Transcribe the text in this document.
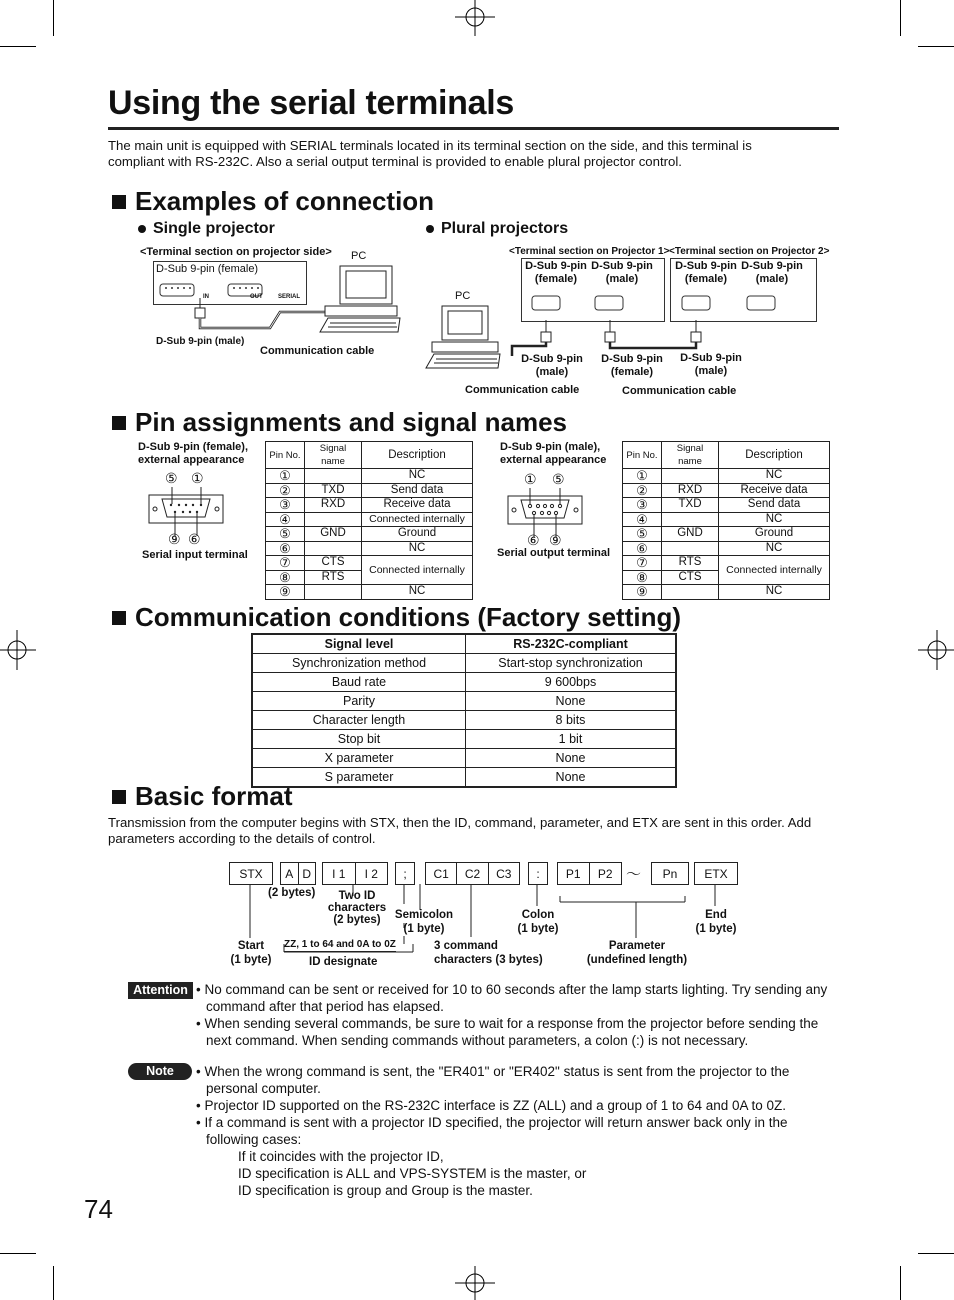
Using the serial terminals
The main unit is equipped with SERIAL terminals located in its terminal section on the side, and this terminal is compliant with RS-232C. Also a serial output terminal is provided to enable plural projector control.
Examples of connection
Single projector	Plural projectors
<Terminal section on projector side>
D-Sub 9-pin (female)
IN	OUT	SERIAL
PC
D-Sub 9-pin (male)
Communication cable
<Terminal section on Projector 1> <Terminal section on Projector 2>
D-Sub 9-pin
(female)
D-Sub 9-pin
(male)
D-Sub 9-pin
(female)
D-Sub 9-pin
(male)
PC
D-Sub 9-pin
(male)
D-Sub 9-pin
(female)
D-Sub 9-pin
(male)
Communication cable	Communication cable
Pin assignments and signal names
D-Sub 9-pin (female),
external appearance
⑤ ①
⑨ ⑥
Serial input terminal
Pin No.	Signal name	Description
①		NC
②	TXD	Send data
③	RXD	Receive data
④		Connected internally
⑤	GND	Ground
⑥		NC
⑦	CTS	Connected internally
⑧	RTS	
⑨		NC
D-Sub 9-pin (male),
external appearance
① ⑤
⑥ ⑨
Serial output terminal
Pin No.	Signal name	Description
①		NC
②	RXD	Receive data
③	TXD	Send data
④		NC
⑤	GND	Ground
⑥		NC
⑦	RTS	Connected internally
⑧	CTS	
⑨		NC
Communication conditions (Factory setting)
Signal level	RS-232C-compliant
Synchronization method	Start-stop synchronization
Baud rate	9 600bps
Parity	None
Character length	8 bits
Stop bit	1 bit
X parameter	None
S parameter	None
Basic format
Transmission from the computer begins with STX, then the ID, command, parameter, and ETX are sent in this order. Add parameters according to the details of control.
STX	A D	I 1	I 2	;	C1	C2	C3	:	P1	P2 ～	Pn	ETX
(2 bytes)	Two ID
characters
(2 bytes)	Semicolon
(1 byte)
Colon
(1 byte)
End
(1 byte)
Start
(1 byte)
ZZ, 1 to 64 and 0A to 0Z
ID designate
3 command
characters (3 bytes)
Parameter
(undefined length)
Attention • No command can be sent or received for 10 to 60 seconds after the lamp starts lighting. Try sending any command after that period has elapsed.
• When sending several commands, be sure to wait for a response from the projector before sending the next command. When sending commands without parameters, a colon (:) is not necessary.
Note	• When the wrong command is sent, the "ER401" or "ER402" status is sent from the projector to the personal computer.
• Projector ID supported on the RS-232C interface is ZZ (ALL) and a group of 1 to 64 and 0A to 0Z.
• If a command is sent with a projector ID specified, the projector will return answer back only in the following cases:
If it coincides with the projector ID,
ID specification is ALL and VPS-SYSTEM is the master, or
ID specification is group and Group is the master.
74
